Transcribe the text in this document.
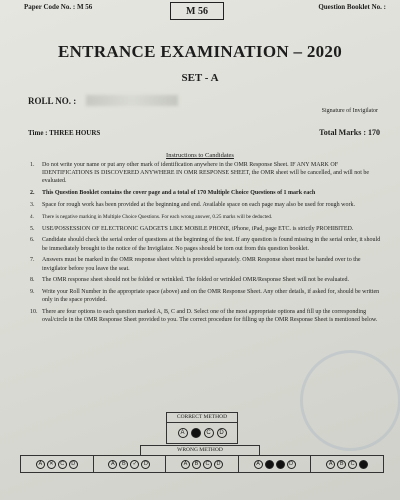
​
Paper Code No. : M 56	M 56	Question Booklet No. :
ENTRANCE EXAMINATION – 2020
SET - A
ROLL NO. :
Signature of Invigilator
Time : THREE HOURS	Total Marks : 170
Instructions to Candidates
1.	Do not write your name or put any other mark of identification anywhere in the OMR Response Sheet. IF ANY MARK OF IDENTIFICATIONS IS DISCOVERED ANYWHERE IN OMR RESPONSE SHEET, the OMR sheet will be cancelled, and will not be evaluated.
2.	This Question Booklet contains the cover page and a total of 170 Multiple Choice Questions of 1 mark each
3.	Space for rough work has been provided at the beginning and end. Available space on each page may also be used for rough work.
4.	There is negative marking in Multiple Choice Questions. For each wrong answer, 0.25 marks will be deducted.
5.	USE/POSSESSION OF ELECTRONIC GADGETS LIKE MOBILE PHONE, iPhone, iPad, page ETC. is strictly PROHIBITED.
6.	Candidate should check the serial order of questions at the beginning of the test. If any question is found missing in the serial order, it should be immediately brought to the notice of the Invigilator. No pages should be torn out from this question booklet.
7.	Answers must be marked in the OMR response sheet which is provided separately. OMR Response sheet must be handed over to the invigilator before you leave the seat.
8.	The OMR response sheet should not be folded or wrinkled. The folded or wrinkled OMR/Response Sheet will not be evaluated.
9.	Write your Roll Number in the appropriate space (above) and on the OMR Response Sheet. Any other details, if asked for, should be written only in the space provided.
10. There are four options to each question marked A, B, C and D. Select one of the most appropriate options and fill up the corresponding oval/circle in the OMR Response Sheet provided to you. The correct procedure for filling up the OMR Response Sheet is mentioned below.
CORRECT METHOD
A	C	D
WRONG METHOD
A	✕	C	D	A	B	✓	D	A	B	C	D	A	D	A	B	C
